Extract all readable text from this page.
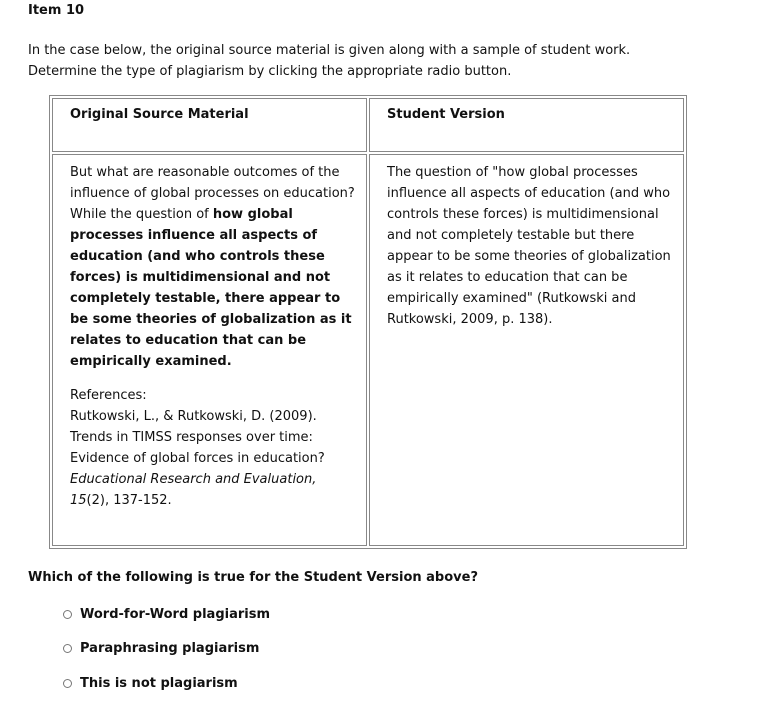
Item 10

In the case below, the original source material is given along with a sample of student work.

Determine the type of plagiarism by clicking the appropriate radio button.

Original Source Material	Student Version
But what are reasonable outcomes of the influence of global processes on education? While the question of how global processes influence all aspects of education (and who controls these forces) is multidimensional and not completely testable, there appear to be some theories of globalization as it relates to education that can be empirically examined.
References:
Rutkowski, L., & Rutkowski, D. (2009). Trends in TIMSS responses over time: Evidence of global forces in education? Educational Research and Evaluation, 15(2), 137-152.
The question of "how global processes influence all aspects of education (and who controls these forces) is multidimensional and not completely testable but there appear to be some theories of globalization as it relates to education that can be empirically examined" (Rutkowski and Rutkowski, 2009, p. 138).
Which of the following is true for the Student Version above?
Word-for-Word plagiarism
Paraphrasing plagiarism
This is not plagiarism
